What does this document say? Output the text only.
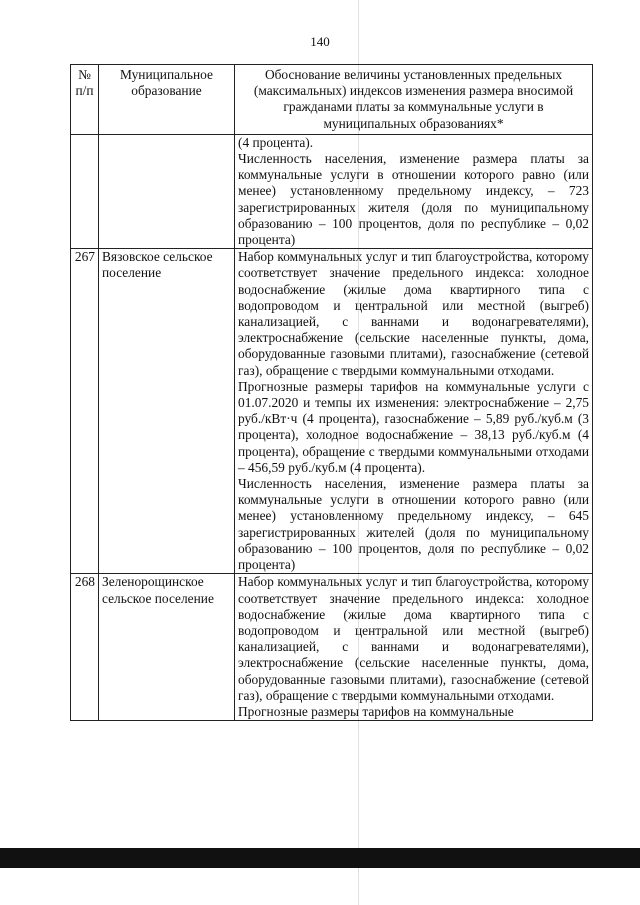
140
№ п/п	Муниципальное образование	Обоснование величины установленных предельных (максимальных) индексов изменения размера вносимой гражданами платы за коммунальные услуги в муниципальных образованиях*

		(4 процента).

Численность населения, изменение размера платы за коммунальные услуги в отношении которого равно (или менее) установленному предельному индексу, – 723 зарегистрированных жителя (доля по муниципальному образованию – 100 процентов, доля по республике – 0,02 процента)

267	Вязовское сельское поселение	Набор коммунальных услуг и тип благоустройства, которому соответствует значение предельного индекса: холодное водоснабжение (жилые дома квартирного типа с водопроводом и центральной или местной (выгреб) канализацией, с ваннами и водонагревателями), электроснабжение (сельские населенные пункты, дома, оборудованные газовыми плитами), газоснабжение (сетевой газ), обращение с твердыми коммунальными отходами.

Прогнозные размеры тарифов на коммунальные услуги с 01.07.2020 и темпы их изменения: электроснабжение – 2,75 руб./кВт·ч (4 процента), газоснабжение – 5,89 руб./куб.м (3 процента), холодное водоснабжение – 38,13 руб./куб.м (4 процента), обращение с твердыми коммунальными отходами – 456,59 руб./куб.м (4 процента).

Численность населения, изменение размера платы за коммунальные услуги в отношении которого равно (или менее) установленному предельному индексу, – 645 зарегистрированных жителей (доля по муниципальному образованию – 100 процентов, доля по республике – 0,02 процента)

268	Зеленорощинское сельское поселение	Набор коммунальных услуг и тип благоустройства, которому соответствует значение предельного индекса: холодное водоснабжение (жилые дома квартирного типа с водопроводом и центральной или местной (выгреб) канализацией, с ваннами и водонагревателями), электроснабжение (сельские населенные пункты, дома, оборудованные газовыми плитами), газоснабжение (сетевой газ), обращение с твердыми коммунальными отходами.

Прогнозные размеры тарифов на коммунальные
